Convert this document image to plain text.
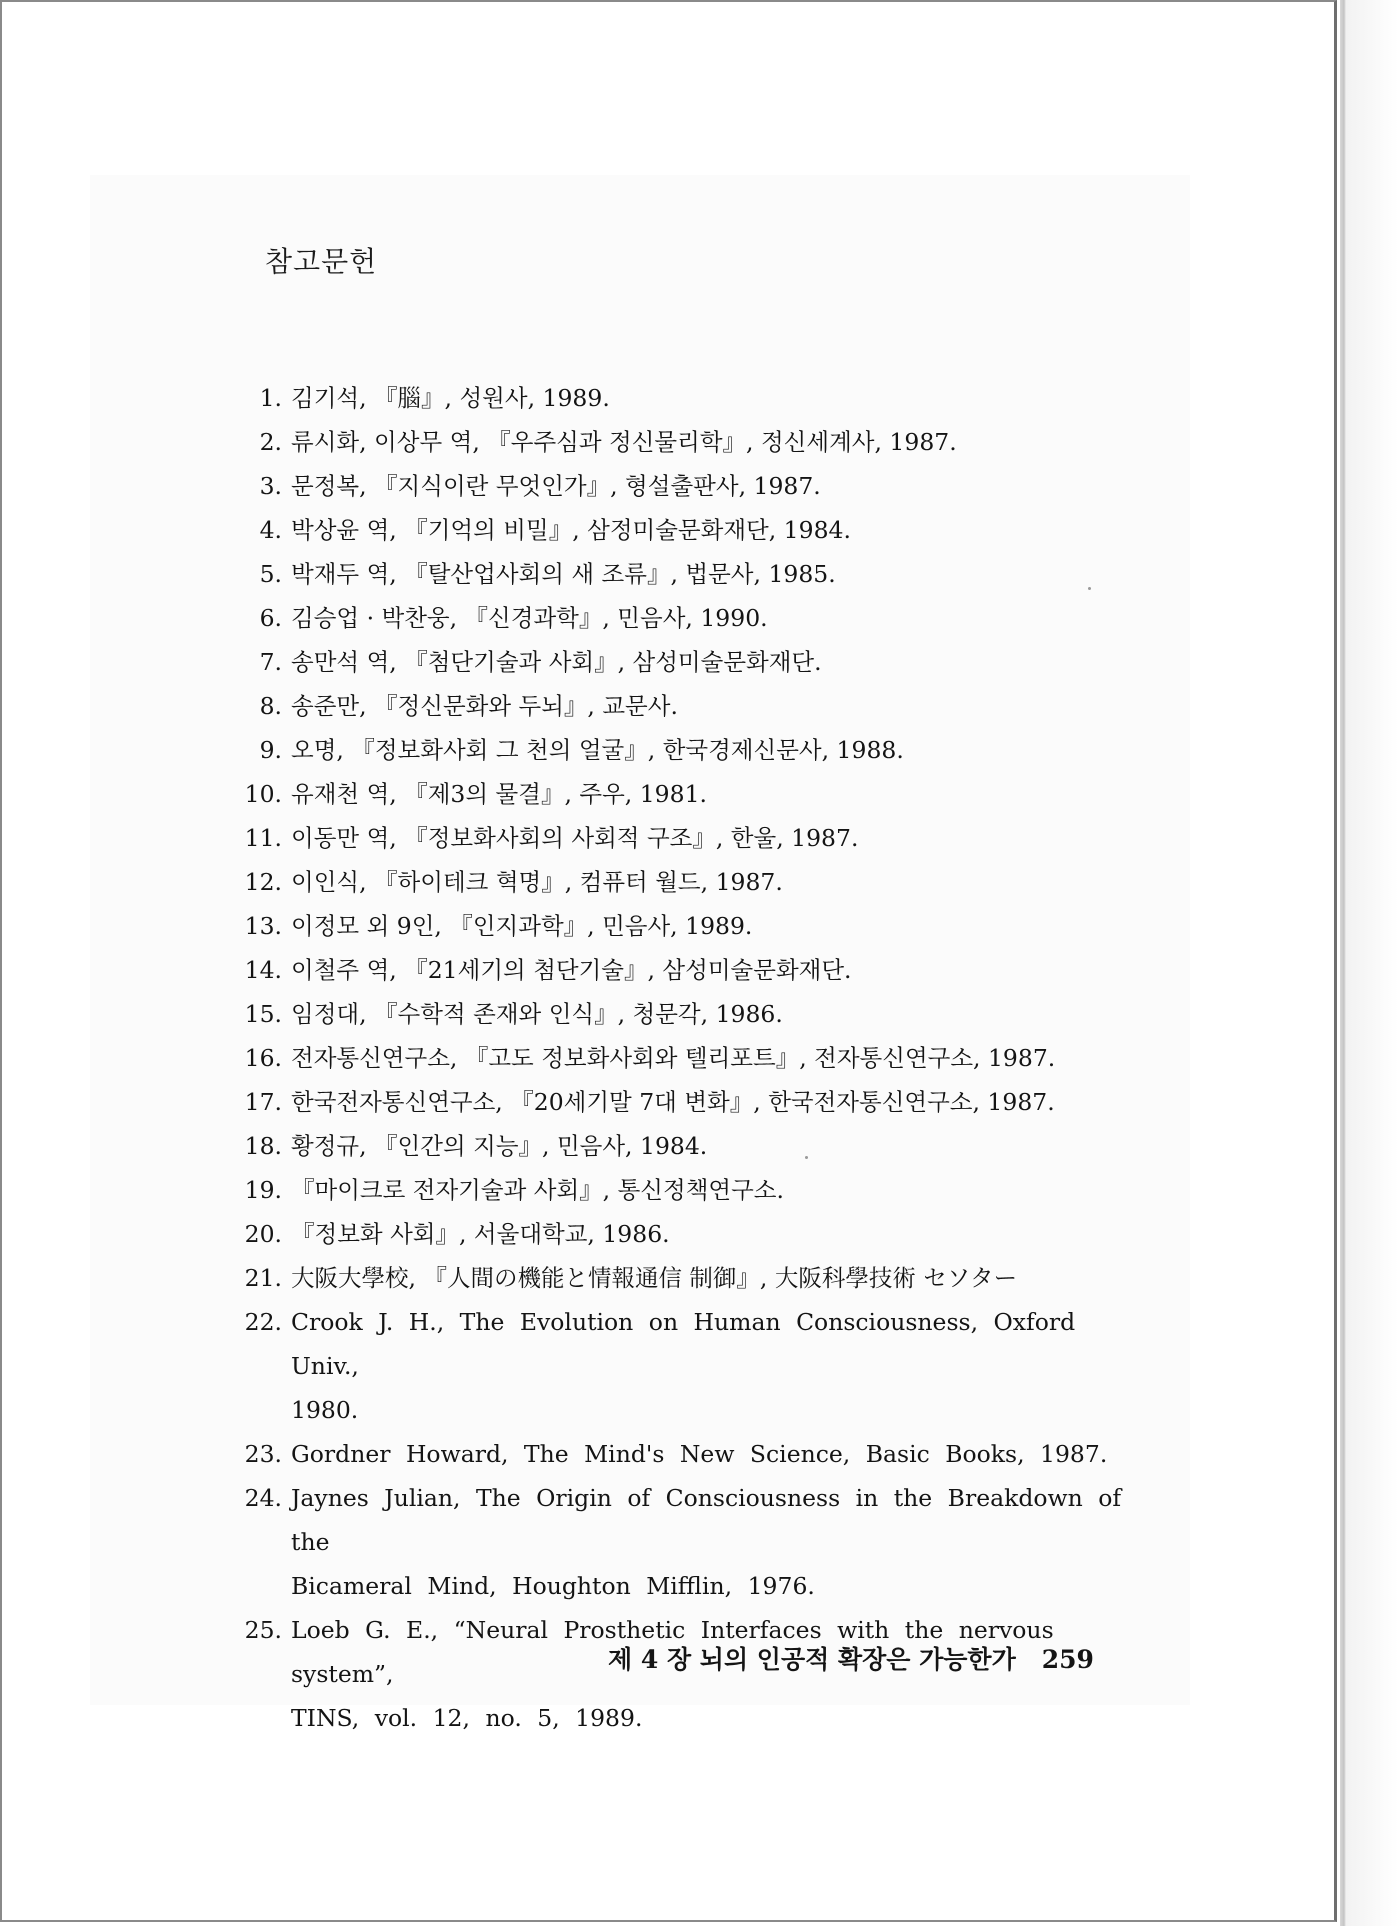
참고문헌
1. 김기석, 『腦』, 성원사, 1989.
2. 류시화, 이상무 역, 『우주심과 정신물리학』, 정신세계사, 1987.
3. 문정복, 『지식이란 무엇인가』, 형설출판사, 1987.
4. 박상윤 역, 『기억의 비밀』, 삼정미술문화재단, 1984.
5. 박재두 역, 『탈산업사회의 새 조류』, 법문사, 1985.
6. 김승업 · 박찬웅, 『신경과학』, 민음사, 1990.
7. 송만석 역, 『첨단기술과 사회』, 삼성미술문화재단.
8. 송준만, 『정신문화와 두뇌』, 교문사.
9. 오명, 『정보화사회 그 천의 얼굴』, 한국경제신문사, 1988.
10. 유재천 역, 『제3의 물결』, 주우, 1981.
11. 이동만 역, 『정보화사회의 사회적 구조』, 한울, 1987.
12. 이인식, 『하이테크 혁명』, 컴퓨터 월드, 1987.
13. 이정모 외 9인, 『인지과학』, 민음사, 1989.
14. 이철주 역, 『21세기의 첨단기술』, 삼성미술문화재단.
15. 임정대, 『수학적 존재와 인식』, 청문각, 1986.
16. 전자통신연구소, 『고도 정보화사회와 텔리포트』, 전자통신연구소, 1987.
17. 한국전자통신연구소, 『20세기말 7대 변화』, 한국전자통신연구소, 1987.
18. 황정규, 『인간의 지능』, 민음사, 1984.
19. 『마이크로 전자기술과 사회』, 통신정책연구소.
20. 『정보화 사회』, 서울대학교, 1986.
21. 大阪大學校, 『人間の機能と情報通信 制御』, 大阪科學技術 セソター
22. Crook J. H., The Evolution on Human Consciousness, Oxford Univ.,
1980.
23. Gordner Howard, The Mind's New Science, Basic Books, 1987.
24. Jaynes Julian, The Origin of Consciousness in the Breakdown of the
Bicameral Mind, Houghton Mifflin, 1976.
25. Loeb G. E., “Neural Prosthetic Interfaces with the nervous system”,
TINS, vol. 12, no. 5, 1989.
제 4 장 뇌의 인공적 확장은 가능한가 259
